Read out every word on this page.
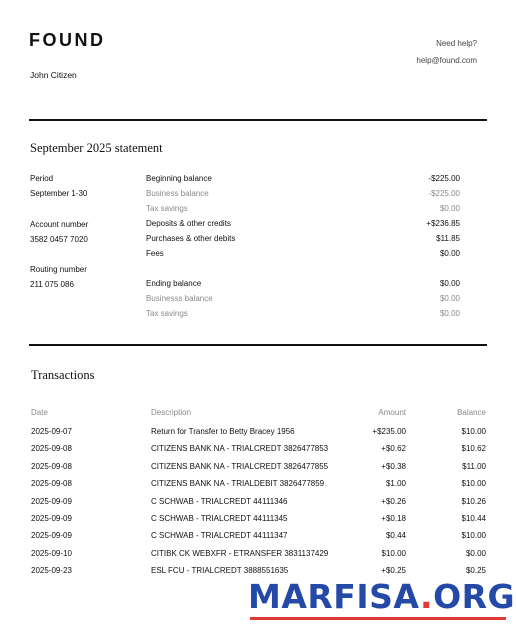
FOUND	Need help?
help@found.com
John Citizen
September 2025 statement
Period
September 1-30
Account number
3582 0457 7020
Routing number
211 075 086
Beginning balance	-$225.00
Business balance	-$225.00
Tax savings	$0.00
Deposits & other credits	+$236.85
Purchases & other debits	$11.85
Fees	$0.00
Ending balance	$0.00
Businesss balance	$0.00
Tax savings	$0.00
Transactions
Date	Description	Amount	Balance
2025-09-07	Return for Transfer to Betty Bracey 1956	+$235.00	$10.00
2025-09-08	CITIZENS BANK NA - TRIALCREDT 3826477853	+$0.62	$10.62
2025-09-08	CITIZENS BANK NA - TRIALCREDT 3826477855	+$0.38	$11.00
2025-09-08	CITIZENS BANK NA - TRIALDEBIT 3826477859	$1.00	$10.00
2025-09-09	C SCHWAB - TRIALCREDT 44111346	+$0.26	$10.26
2025-09-09	C SCHWAB - TRIALCREDT 44111345	+$0.18	$10.44
2025-09-09	C SCHWAB - TRIALCREDT 44111347	$0.44	$10.00
2025-09-10	CITIBK CK WEBXFR - ETRANSFER 3831137429	$10.00	$0.00
2025-09-23	ESL FCU - TRIALCREDT 3888551635	+$0.25	$0.25
MARFISA.ORG
